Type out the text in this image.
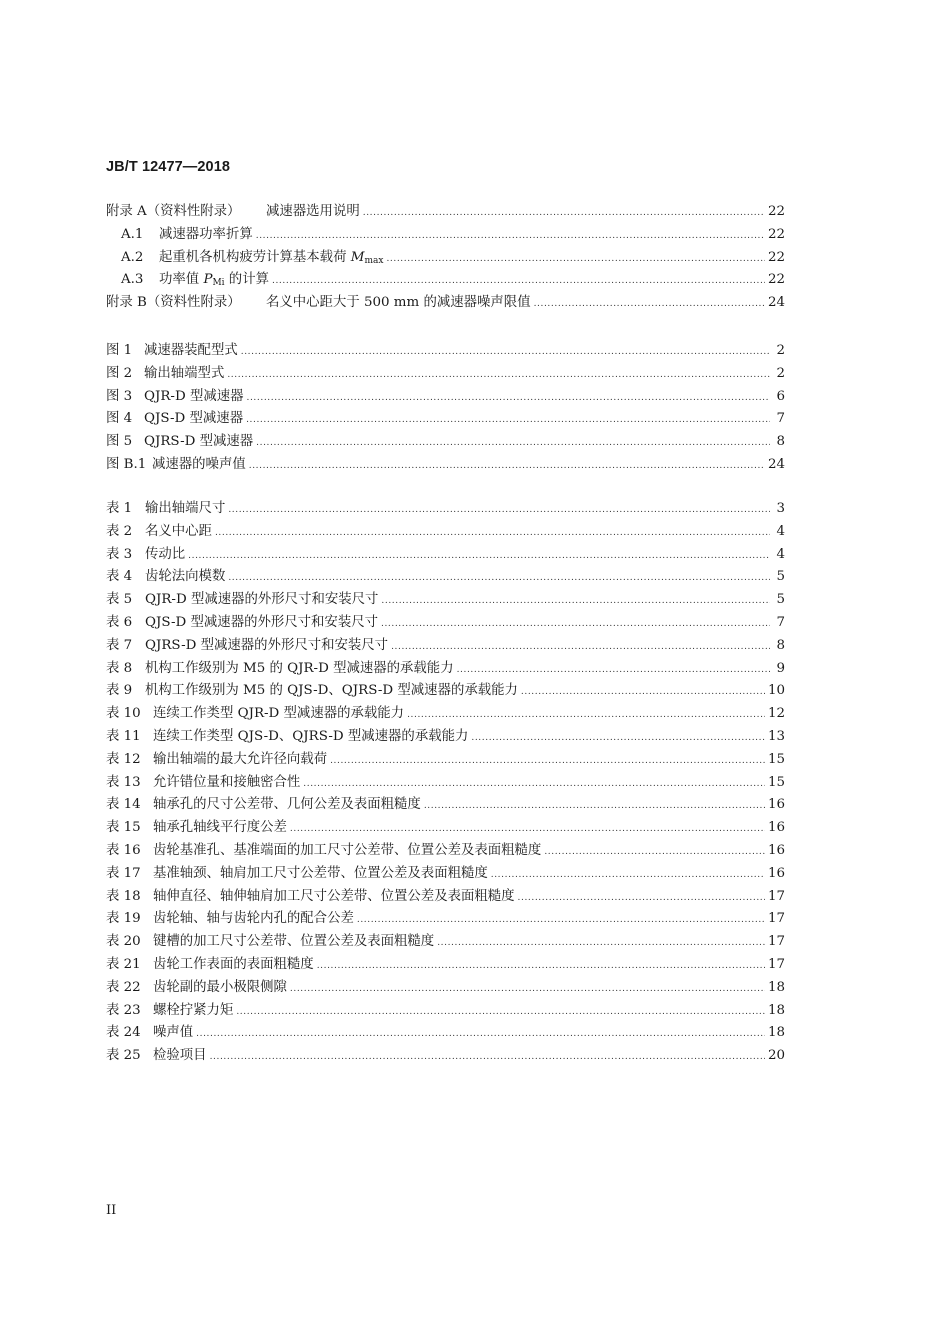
JB/T 12477—2018
附录 A（资料性附录）	减速器选用说明 .....	22
A.1	减速器功率折算 .....	22
A.2	起重机各机构疲劳计算基本载荷 $M_{max}$ .....	22
A.3	功率值 $P_{Mi}$ 的计算 .....	22
附录 B（资料性附录）	名义中心距大于 500 mm 的减速器噪声限值 .....	24
图 1 减速器装配型式 .....	2
图 2 输出轴端型式 .....	2
图 3 QJR-D 型减速器 .....	6
图 4 QJS-D 型减速器 .....	7
图 5 QJRS-D 型减速器 .....	8
图 B.1 减速器的噪声值 .....	24
表 1 输出轴端尺寸 .....	3
表 2 名义中心距 .....	4
表 3 传动比 .....	4
表 4 齿轮法向模数 .....	5
表 5 QJR-D 型减速器的外形尺寸和安装尺寸 .....	5
表 6 QJS-D 型减速器的外形尺寸和安装尺寸 .....	7
表 7 QJRS-D 型减速器的外形尺寸和安装尺寸 .....	8
表 8 机构工作级别为 M5 的 QJR-D 型减速器的承载能力 .....	9
表 9 机构工作级别为 M5 的 QJS-D、QJRS-D 型减速器的承载能力 .....	10
表 10 连续工作类型 QJR-D 型减速器的承载能力 .....	12
表 11 连续工作类型 QJS-D、QJRS-D 型减速器的承载能力 .....	13
表 12 输出轴端的最大允许径向载荷 .....	15
表 13 允许错位量和接触密合性 .....	15
表 14 轴承孔的尺寸公差带、几何公差及表面粗糙度 .....	16
表 15 轴承孔轴线平行度公差 .....	16
表 16 齿轮基准孔、基准端面的加工尺寸公差带、位置公差及表面粗糙度 .....	16
表 17 基准轴颈、轴肩加工尺寸公差带、位置公差及表面粗糙度 .....	16
表 18 轴伸直径、轴伸轴肩加工尺寸公差带、位置公差及表面粗糙度 .....	17
表 19 齿轮轴、轴与齿轮内孔的配合公差 .....	17
表 20 键槽的加工尺寸公差带、位置公差及表面粗糙度 .....	17
表 21 齿轮工作表面的表面粗糙度 .....	17
表 22 齿轮副的最小极限侧隙 .....	18
表 23 螺栓拧紧力矩 .....	18
表 24 噪声值 .....	18
表 25 检验项目 .....	20
II
